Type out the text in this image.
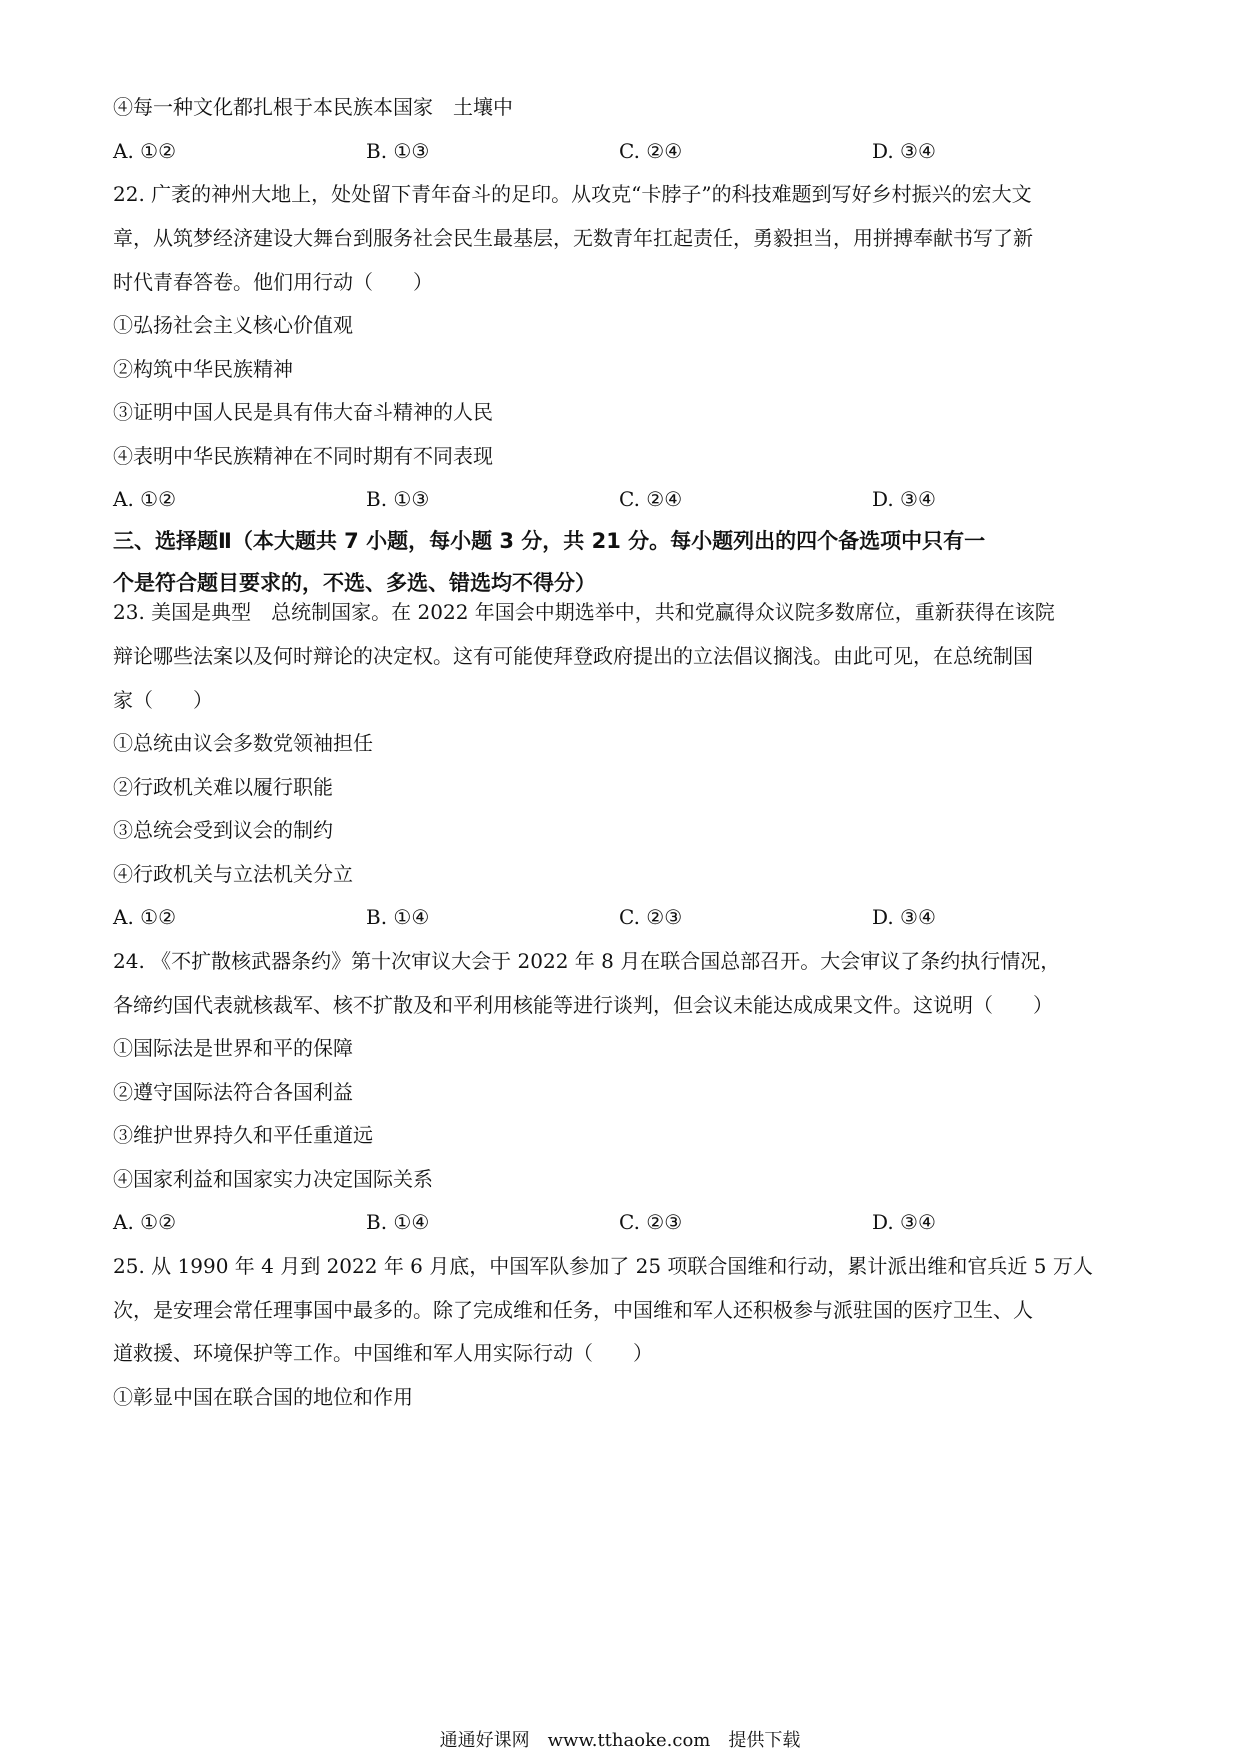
④每一种文化都扎根于本民族本国家　土壤中
A. ①②	B. ①③	C. ②④	D. ③④
22. 广袤的神州大地上，处处留下青年奋斗的足印。从攻克“卡脖子”的科技难题到写好乡村振兴的宏大文
章，从筑梦经济建设大舞台到服务社会民生最基层，无数青年扛起责任，勇毅担当，用拼搏奉献书写了新
时代青春答卷。他们用行动（　　）
①弘扬社会主义核心价值观
②构筑中华民族精神
③证明中国人民是具有伟大奋斗精神的人民
④表明中华民族精神在不同时期有不同表现
A. ①②	B. ①③	C. ②④	D. ③④
三、选择题Ⅱ（本大题共 7 小题，每小题 3 分，共 21 分。每小题列出的四个备选项中只有一
个是符合题目要求的，不选、多选、错选均不得分）
23. 美国是典型　总统制国家。在 2022 年国会中期选举中，共和党赢得众议院多数席位，重新获得在该院
辩论哪些法案以及何时辩论的决定权。这有可能使拜登政府提出的立法倡议搁浅。由此可见，在总统制国
家（　　）
①总统由议会多数党领袖担任
②行政机关难以履行职能
③总统会受到议会的制约
④行政机关与立法机关分立
A. ①②	B. ①④	C. ②③	D. ③④
24. 《不扩散核武器条约》第十次审议大会于 2022 年 8 月在联合国总部召开。大会审议了条约执行情况，
各缔约国代表就核裁军、核不扩散及和平利用核能等进行谈判，但会议未能达成成果文件。这说明（　　）
①国际法是世界和平的保障
②遵守国际法符合各国利益
③维护世界持久和平任重道远
④国家利益和国家实力决定国际关系
A. ①②	B. ①④	C. ②③	D. ③④
25. 从 1990 年 4 月到 2022 年 6 月底，中国军队参加了 25 项联合国维和行动，累计派出维和官兵近 5 万人
次，是安理会常任理事国中最多的。除了完成维和任务，中国维和军人还积极参与派驻国的医疗卫生、人
道救援、环境保护等工作。中国维和军人用实际行动（　　）
①彰显中国在联合国的地位和作用
通通好课网　www.tthaoke.com　提供下载
